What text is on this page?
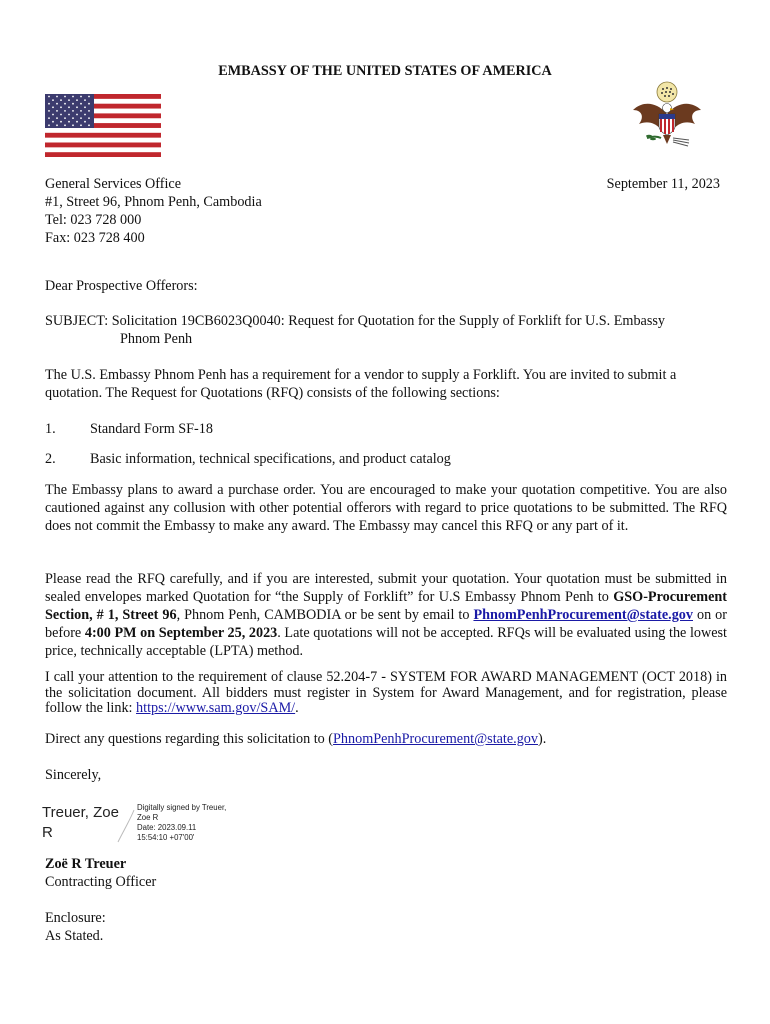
EMBASSY OF THE UNITED STATES OF AMERICA
General Services Office
#1, Street 96, Phnom Penh, Cambodia
Tel: 023 728 000
Fax: 023 728 400
September 11, 2023
Dear Prospective Offerors:
SUBJECT: Solicitation 19CB6023Q0040: Request for Quotation for the Supply of Forklift for U.S. Embassy
Phnom Penh
The U.S. Embassy Phnom Penh has a requirement for a vendor to supply a Forklift. You are invited to submit a quotation. The Request for Quotations (RFQ) consists of the following sections:
1. Standard Form SF-18
2. Basic information, technical specifications, and product catalog
The Embassy plans to award a purchase order. You are encouraged to make your quotation competitive. You are also cautioned against any collusion with other potential offerors with regard to price quotations to be submitted. The RFQ does not commit the Embassy to make any award. The Embassy may cancel this RFQ or any part of it.
Please read the RFQ carefully, and if you are interested, submit your quotation. Your quotation must be submitted in sealed envelopes marked Quotation for “the Supply of Forklift” for U.S Embassy Phnom Penh to GSO-Procurement Section, # 1, Street 96, Phnom Penh, CAMBODIA or be sent by email to PhnomPenhProcurement@state.gov on or before 4:00 PM on September 25, 2023. Late quotations will not be accepted. RFQs will be evaluated using the lowest price, technically acceptable (LPTA) method.
I call your attention to the requirement of clause 52.204-7 - SYSTEM FOR AWARD MANAGEMENT (OCT 2018) in the solicitation document. All bidders must register in System for Award Management, and for registration, please follow the link: https://www.sam.gov/SAM/.
Direct any questions regarding this solicitation to (PhnomPenhProcurement@state.gov).
Sincerely,
Treuer, Zoe R
Digitally signed by Treuer,
Zoe R
Date: 2023.09.11
15:54:10 +07'00'
Zoë R Treuer
Contracting Officer
Enclosure:
As Stated.
